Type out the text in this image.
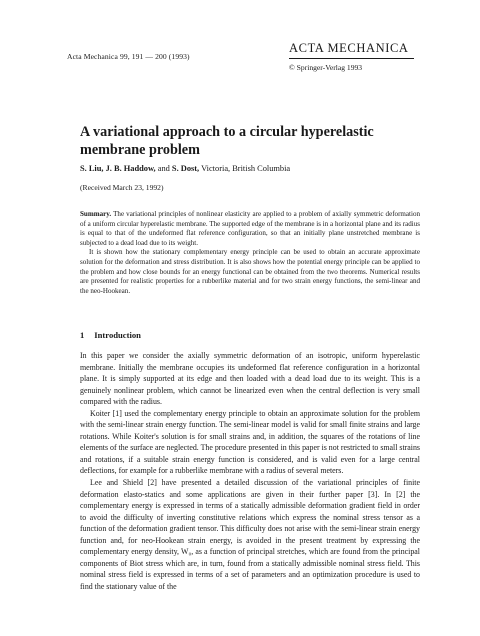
Acta Mechanica 99, 191 — 200 (1993)
ACTA MECHANICA
© Springer-Verlag 1993
A variational approach to a circular hyperelastic membrane problem
S. Liu, J. B. Haddow, and S. Dost, Victoria, British Columbia
(Received March 23, 1992)

Summary. The variational principles of nonlinear elasticity are applied to a problem of axially symmetric deformation of a uniform circular hyperelastic membrane. The supported edge of the membrane is in a horizontal plane and its radius is equal to that of the undeformed flat reference configuration, so that an initially plane unstretched membrane is subjected to a dead load due to its weight.

It is shown how the stationary complementary energy principle can be used to obtain an accurate approximate solution for the deformation and stress distribution. It is also shows how the potential energy principle can be applied to the problem and how close bounds for an energy functional can be obtained from the two theorems. Numerical results are presented for realistic properties for a rubberlike material and for two strain energy functions, the semi-linear and the neo-Hookean.

1 Introduction

In this paper we consider the axially symmetric deformation of an isotropic, uniform hyperelastic membrane. Initially the membrane occupies its undeformed flat reference configuration in a horizontal plane. It is simply supported at its edge and then loaded with a dead load due to its weight. This is a genuinely nonlinear problem, which cannot be linearized even when the central deflection is very small compared with the radius.

Koiter [1] used the complementary energy principle to obtain an approximate solution for the problem with the semi-linear strain energy function. The semi-linear model is valid for small finite strains and large rotations. While Koiter's solution is for small strains and, in addition, the squares of the rotations of line elements of the surface are neglected. The procedure presented in this paper is not restricted to small strains and rotations, if a suitable strain energy function is considered, and is valid even for a large central deflections, for example for a rubberlike membrane with a radius of several meters.

Lee and Shield [2] have presented a detailed discussion of the variational principles of finite deformation elasto-statics and some applications are given in their further paper [3]. In [2] the complementary energy is expressed in terms of a statically admissible deformation gradient field in order to avoid the difficulty of inverting constitutive relations which express the nominal stress tensor as a function of the deformation gradient tensor. This difficulty does not arise with the semi-linear strain energy function and, for neo-Hookean strain energy, is avoided in the present treatment by expressing the complementary energy density, W₀, as a function of principal stretches, which are found from the principal components of Biot stress which are, in turn, found from a statically admissible nominal stress field. This nominal stress field is expressed in terms of a set of parameters and an optimization procedure is used to find the stationary value of the
